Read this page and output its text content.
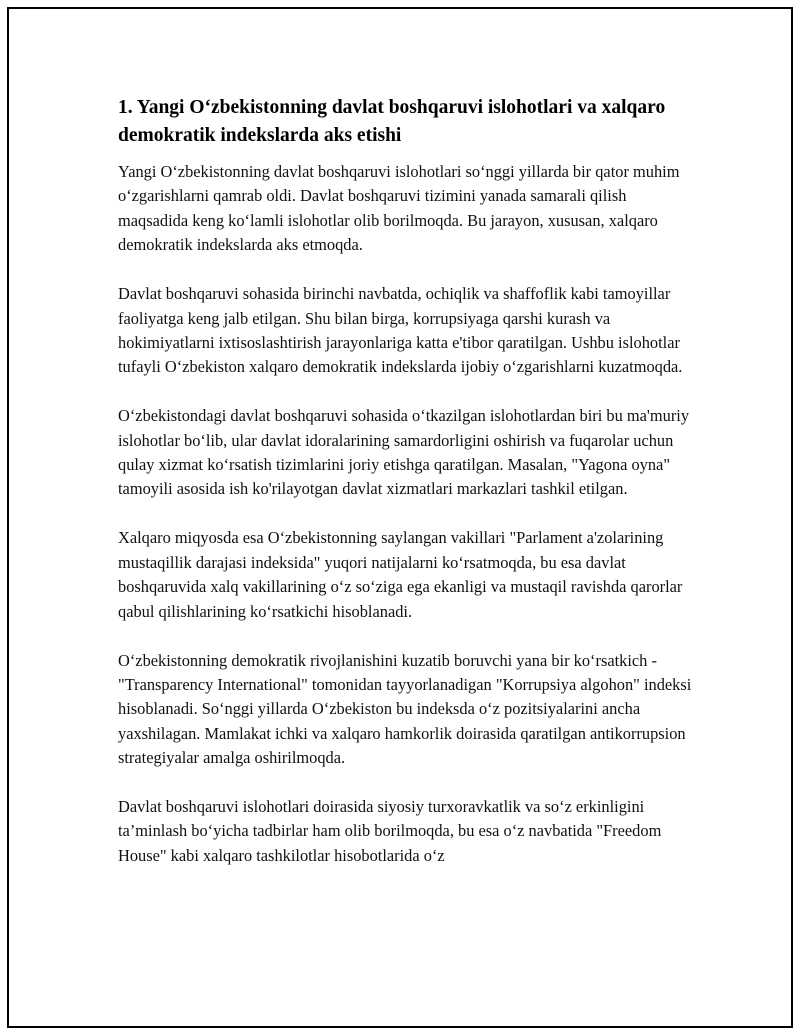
1. Yangi O‘zbekistonning davlat boshqaruvi islohotlari va xalqaro demokratik indekslarda aks etishi

Yangi O‘zbekistonning davlat boshqaruvi islohotlari so‘nggi yillarda bir qator muhim o‘zgarishlarni qamrab oldi. Davlat boshqaruvi tizimini yanada samarali qilish maqsadida keng ko‘lamli islohotlar olib borilmoqda. Bu jarayon, xususan, xalqaro demokratik indekslarda aks etmoqda.

Davlat boshqaruvi sohasida birinchi navbatda, ochiqlik va shaffoflik kabi tamoyillar faoliyatga keng jalb etilgan. Shu bilan birga, korrupsiyaga qarshi kurash va hokimiyatlarni ixtisoslashtirish jarayonlariga katta e'tibor qaratilgan. Ushbu islohotlar tufayli O‘zbekiston xalqaro demokratik indekslarda ijobiy o‘zgarishlarni kuzatmoqda.

O‘zbekistondagi davlat boshqaruvi sohasida o‘tkazilgan islohotlardan biri bu ma'muriy islohotlar bo‘lib, ular davlat idoralarining samardorligini oshirish va fuqarolar uchun qulay xizmat ko‘rsatish tizimlarini joriy etishga qaratilgan. Masalan, "Yagona oyna" tamoyili asosida ish ko'rilayotgan davlat xizmatlari markazlari tashkil etilgan.

Xalqaro miqyosda esa O‘zbekistonning saylangan vakillari "Parlament a'zolarining mustaqillik darajasi indeksida" yuqori natijalarni ko‘rsatmoqda, bu esa davlat boshqaruvida xalq vakillarining o‘z so‘ziga ega ekanligi va mustaqil ravishda qarorlar qabul qilishlarining ko‘rsatkichi hisoblanadi.

O‘zbekistonning demokratik rivojlanishini kuzatib boruvchi yana bir ko‘rsatkich - "Transparency International" tomonidan tayyorlanadigan "Korrupsiya algohon" indeksi hisoblanadi. So‘nggi yillarda O‘zbekiston bu indeksda o‘z pozitsiyalarini ancha yaxshilagan. Mamlakat ichki va xalqaro hamkorlik doirasida qaratilgan antikorrupsion strategiyalar amalga oshirilmoqda.

Davlat boshqaruvi islohotlari doirasida siyosiy turxoravkatlik va so‘z erkinligini ta’minlash bo‘yicha tadbirlar ham olib borilmoqda, bu esa o‘z navbatida "Freedom House" kabi xalqaro tashkilotlar hisobotlarida o‘z
